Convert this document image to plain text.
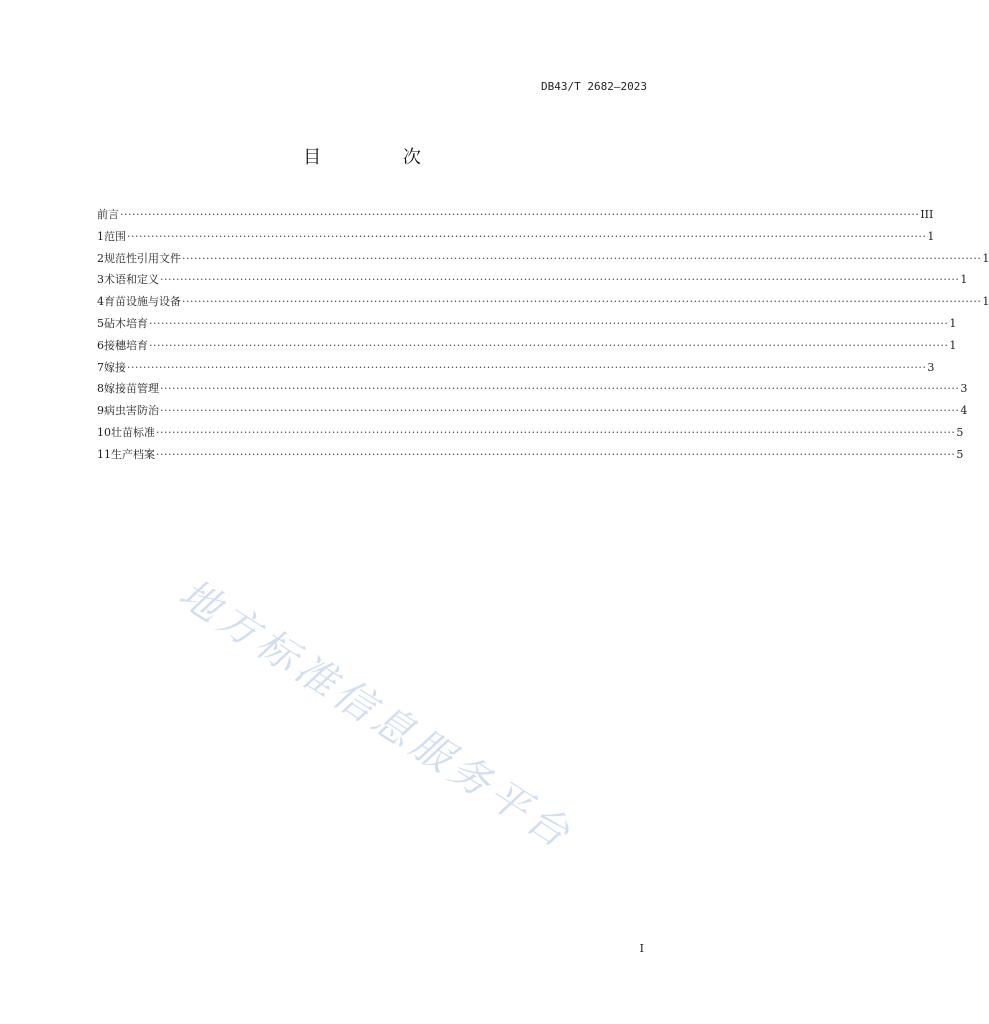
DB43/T 2682—2023
目 次
前言 ········································································································································································································ III
1 范围 ········································································································································································································ 1
2 规范性引用文件 ········································································································································································································ 1
3 术语和定义 ········································································································································································································ 1
4 育苗设施与设备 ········································································································································································································ 1
5 砧木培育 ········································································································································································································ 1
6 接穗培育 ········································································································································································································ 1
7 嫁接 ········································································································································································································ 3
8 嫁接苗管理 ········································································································································································································ 3
9 病虫害防治 ········································································································································································································ 4
10 壮苗标准 ········································································································································································································ 5
11 生产档案 ········································································································································································································ 5
地方标准信息服务平台
I
